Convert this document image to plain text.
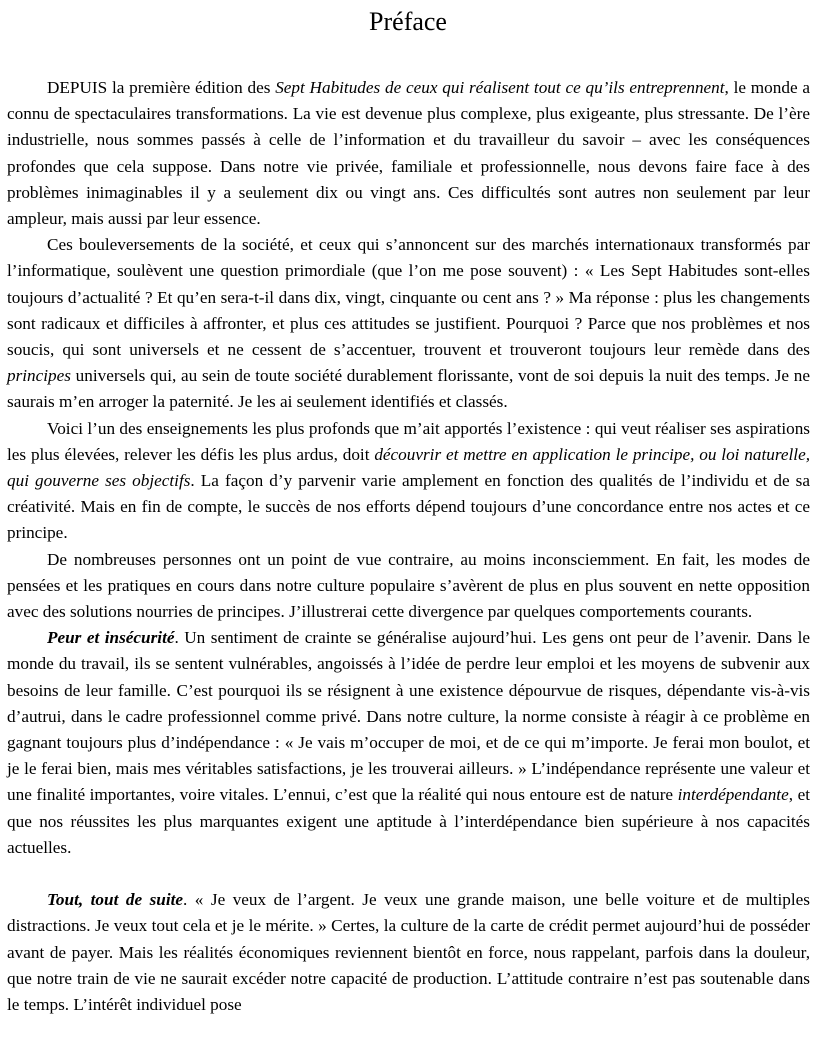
Préface

DEPUIS la première édition des Sept Habitudes de ceux qui réalisent tout ce qu’ils entreprennent, le monde a connu de spectaculaires transformations. La vie est devenue plus complexe, plus exigeante, plus stressante. De l’ère industrielle, nous sommes passés à celle de l’information et du travailleur du savoir – avec les conséquences profondes que cela suppose. Dans notre vie privée, familiale et professionnelle, nous devons faire face à des problèmes inimaginables il y a seulement dix ou vingt ans. Ces difficultés sont autres non seulement par leur ampleur, mais aussi par leur essence.

Ces bouleversements de la société, et ceux qui s’annoncent sur des marchés internationaux transformés par l’informatique, soulèvent une question primordiale (que l’on me pose souvent) : « Les Sept Habitudes sont-elles toujours d’actualité ? Et qu’en sera-t-il dans dix, vingt, cinquante ou cent ans ? » Ma réponse : plus les changements sont radicaux et difficiles à affronter, et plus ces attitudes se justifient. Pourquoi ? Parce que nos problèmes et nos soucis, qui sont universels et ne cessent de s’accentuer, trouvent et trouveront toujours leur remède dans des principes universels qui, au sein de toute société durablement florissante, vont de soi depuis la nuit des temps. Je ne saurais m’en arroger la paternité. Je les ai seulement identifiés et classés.

Voici l’un des enseignements les plus profonds que m’ait apportés l’existence : qui veut réaliser ses aspirations les plus élevées, relever les défis les plus ardus, doit découvrir et mettre en application le principe, ou loi naturelle, qui gouverne ses objectifs. La façon d’y parvenir varie amplement en fonction des qualités de l’individu et de sa créativité. Mais en fin de compte, le succès de nos efforts dépend toujours d’une concordance entre nos actes et ce principe.

De nombreuses personnes ont un point de vue contraire, au moins inconsciemment. En fait, les modes de pensées et les pratiques en cours dans notre culture populaire s’avèrent de plus en plus souvent en nette opposition avec des solutions nourries de principes. J’illustrerai cette divergence par quelques comportements courants.

Peur et insécurité. Un sentiment de crainte se généralise aujourd’hui. Les gens ont peur de l’avenir. Dans le monde du travail, ils se sentent vulnérables, angoissés à l’idée de perdre leur emploi et les moyens de subvenir aux besoins de leur famille. C’est pourquoi ils se résignent à une existence dépourvue de risques, dépendante vis-à-vis d’autrui, dans le cadre professionnel comme privé. Dans notre culture, la norme consiste à réagir à ce problème en gagnant toujours plus d’indépendance : « Je vais m’occuper de moi, et de ce qui m’importe. Je ferai mon boulot, et je le ferai bien, mais mes véritables satisfactions, je les trouverai ailleurs. » L’indépendance représente une valeur et une finalité importantes, voire vitales. L’ennui, c’est que la réalité qui nous entoure est de nature interdépendante, et que nos réussites les plus marquantes exigent une aptitude à l’interdépendance bien supérieure à nos capacités actuelles.

Tout, tout de suite. « Je veux de l’argent. Je veux une grande maison, une belle voiture et de multiples distractions. Je veux tout cela et je le mérite. » Certes, la culture de la carte de crédit permet aujourd’hui de posséder avant de payer. Mais les réalités économiques reviennent bientôt en force, nous rappelant, parfois dans la douleur, que notre train de vie ne saurait excéder notre capacité de production. L’attitude contraire n’est pas soutenable dans le temps. L’intérêt individuel pose
